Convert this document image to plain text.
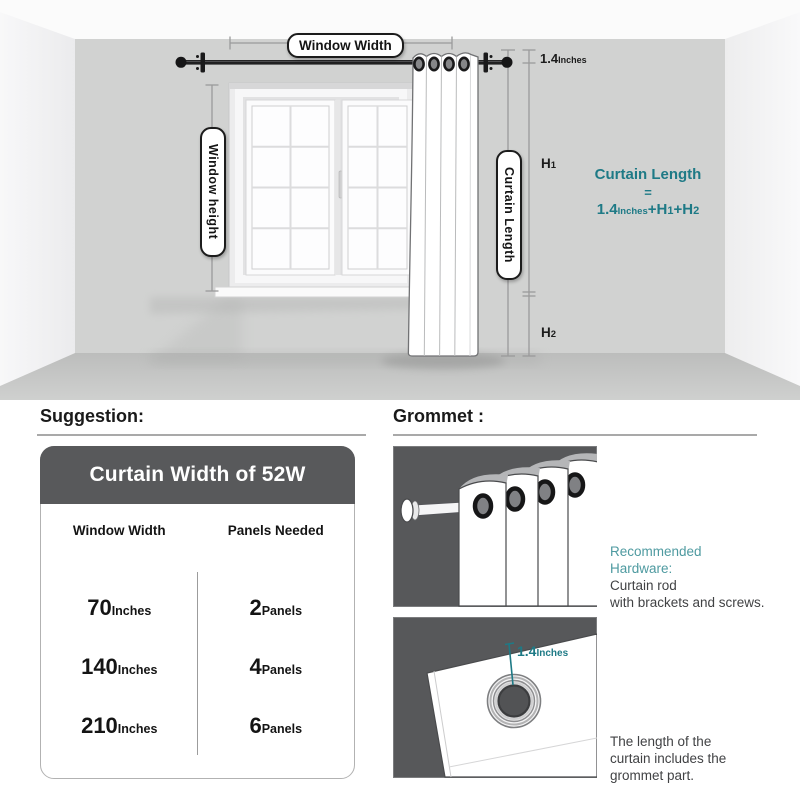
Window Width
Window height	Curtain Length
1.4Inches
H1
H2
Curtain Length
=
1.4Inches+H1+H2
Suggestion:
Curtain Width of 52W
Window Width	Panels Needed
70 Inches	2 Panels
140 Inches	4 Panels
210 Inches	6 Panels
Grommet :
1.4Inches
Recommended
Hardware:
Curtain rod
with brackets and screws.
The length of the
curtain includes the
grommet part.
